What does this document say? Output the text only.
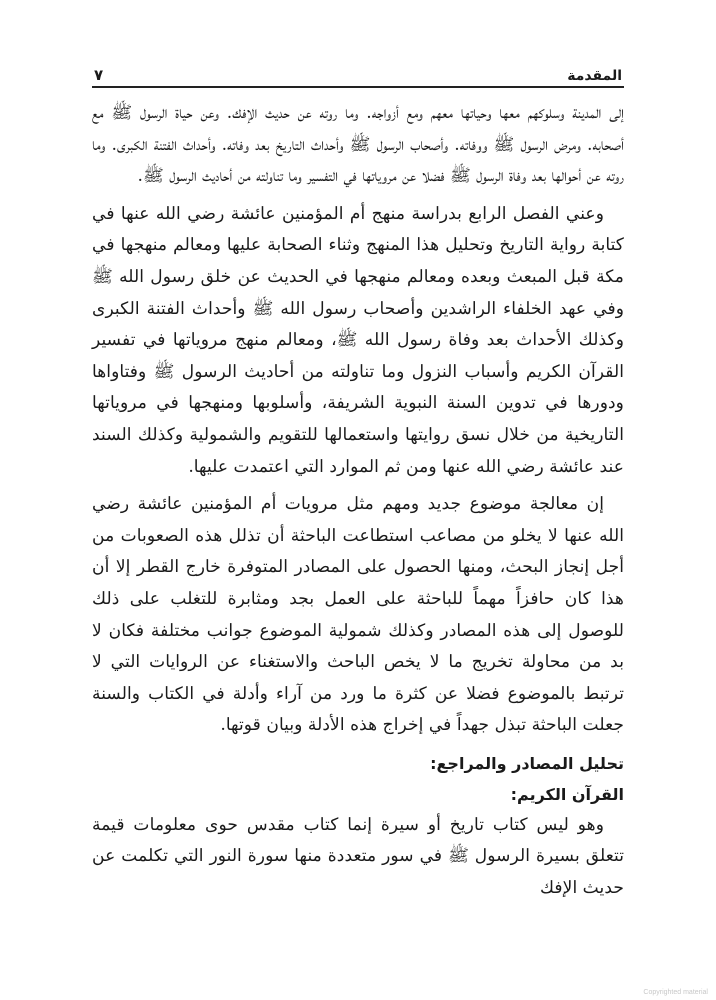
المقدمة
٧

إلى المدينة وسلوكهم معها وحياتها معهم ومع أزواجه. وما روته عن حديث الإفك. وعن حياة الرسول ﷺ مع أصحابه. ومرض الرسول ﷺ ووفاته. وأصحاب الرسول ﷺ وأحداث التاريخ بعد وفاته. وأحداث الفتنة الكبرى. وما روته عن أحوالها بعد وفاة الرسول ﷺ فضلا عن مروياتها في التفسير وما تناولته من أحاديث الرسول ﷺ.

وعني الفصل الرابع بدراسة منهج أم المؤمنين عائشة رضي الله عنها في كتابة رواية التاريخ وتحليل هذا المنهج وثناء الصحابة عليها ومعالم منهجها في مكة قبل المبعث وبعده ومعالم منهجها في الحديث عن خلق رسول الله ﷺ وفي عهد الخلفاء الراشدين وأصحاب رسول الله ﷺ وأحداث الفتنة الكبرى وكذلك الأحداث بعد وفاة رسول الله ﷺ، ومعالم منهج مروياتها في تفسير القرآن الكريم وأسباب النزول وما تناولته من أحاديث الرسول ﷺ وفتاواها ودورها في تدوين السنة النبوية الشريفة، وأسلوبها ومنهجها في مروياتها التاريخية من خلال نسق روايتها واستعمالها للتقويم والشمولية وكذلك السند عند عائشة رضي الله عنها ومن ثم الموارد التي اعتمدت عليها.

إن معالجة موضوع جديد ومهم مثل مرويات أم المؤمنين عائشة رضي الله عنها لا يخلو من مصاعب استطاعت الباحثة أن تذلل هذه الصعوبات من أجل إنجاز البحث، ومنها الحصول على المصادر المتوفرة خارج القطر إلا أن هذا كان حافزاً مهماً للباحثة على العمل بجد ومثابرة للتغلب على ذلك للوصول إلى هذه المصادر وكذلك شمولية الموضوع جوانب مختلفة فكان لا بد من محاولة تخريج ما لا يخص الباحث والاستغناء عن الروايات التي لا ترتبط بالموضوع فضلا عن كثرة ما ورد من آراء وأدلة في الكتاب والسنة جعلت الباحثة تبذل جهداً في إخراج هذه الأدلة وبيان قوتها.

تحليل المصادر والمراجع:
القرآن الكريم:

وهو ليس كتاب تاريخ أو سيرة إنما كتاب مقدس حوى معلومات قيمة تتعلق بسيرة الرسول ﷺ في سور متعددة منها سورة النور التي تكلمت عن حديث الإفك

Copyrighted material
